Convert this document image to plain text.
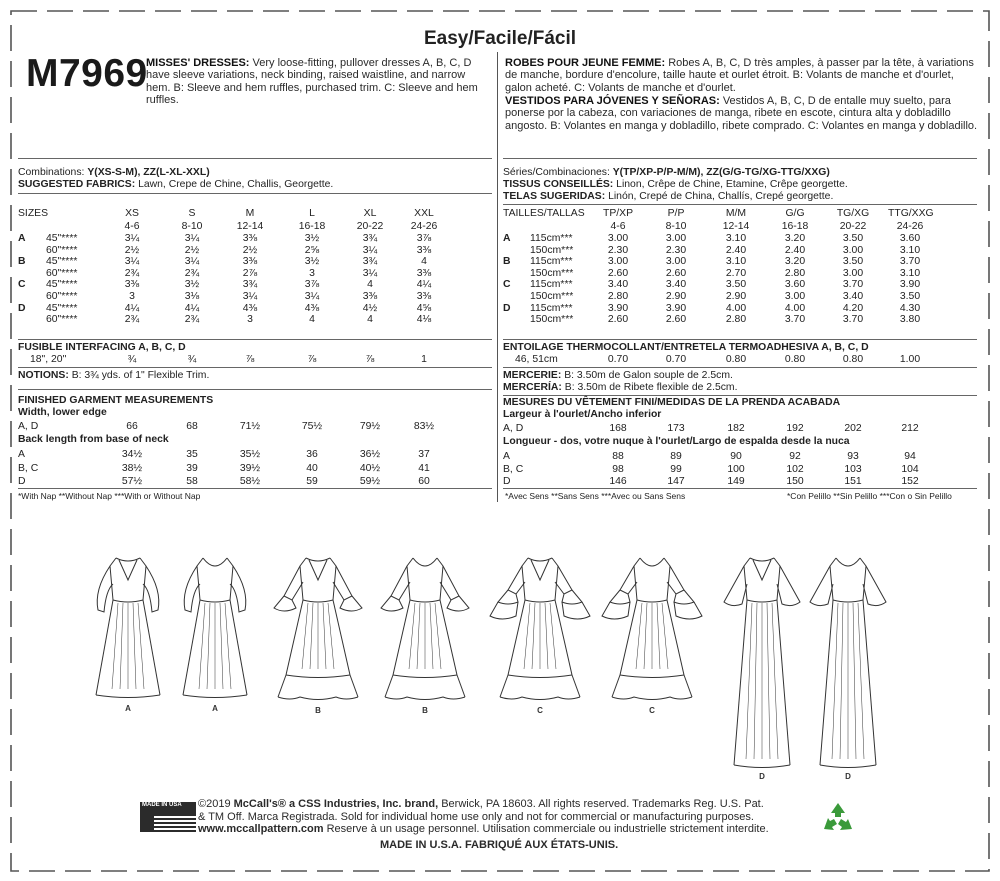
Easy/Facile/Fácil
M7969
MISSES' DRESSES: Very loose-fitting, pullover dresses A, B, C, D have sleeve variations, neck binding, raised waistline, and narrow hem. B: Sleeve and hem ruffles, purchased trim. C: Sleeve and hem ruffles.
ROBES POUR JEUNE FEMME: Robes A, B, C, D très amples, à passer par la tête, à variations de manche, bordure d'encolure, taille haute et ourlet étroit. B: Volants de manche et d'ourlet, galon acheté. C: Volants de manche et d'ourlet.
VESTIDOS PARA JÓVENES Y SEÑORAS: Vestidos A, B, C, D de entalle muy suelto, para ponerse por la cabeza, con variaciones de manga, ribete en escote, cintura alta y dobladillo angosto. B: Volantes en manga y dobladillo, ribete comprado. C: Volantes en manga y dobladillo.
Combinations: Y(XS-S-M), ZZ(L-XL-XXL)
SUGGESTED FABRICS: Lawn, Crepe de Chine, Challis, Georgette.
Séries/Combinaciones: Y(TP/XP-P/P-M/M), ZZ(G/G-TG/XG-TTG/XXG)
TISSUS CONSEILLÉS: Linon, Crêpe de Chine, Etamine, Crêpe georgette.
TELAS SUGERIDAS: Linón, Crepé de China, Challís, Crepé georgette.
SIZES	XS	S	M	L	XL	XXL
4-6	8-10	12-14	16-18	20-22	24-26
A 45"****	3¼	3¼	3⅜	3½	3¾	3⅞
60"****	2½	2½	2½	2⅝	3¼	3⅜
B 45"****	3¼	3¼	3⅜	3½	3¾	4
60"****	2¾	2¾	2⅞	3	3¼	3⅜
C 45"****	3⅜	3½	3¾	3⅞	4	4¼
60"****	3	3⅛	3¼	3¼	3⅜	3⅜
D 45"****	4¼	4¼	4⅜	4⅜	4½	4⅝
60"****	2¾	2¾	3	4	4	4⅛
FUSIBLE INTERFACING A, B, C, D
18", 20"	¾	¾	⅞	⅞	⅞	1
NOTIONS: B: 3¾ yds. of 1" Flexible Trim.
FINISHED GARMENT MEASUREMENTS
Width, lower edge
A, D	66	68	71½	75½	79½	83½
Back length from base of neck
A	34½	35	35½	36	36½	37
B, C	38½	39	39½	40	40½	41
D	57½	58	58½	59	59½	60
*With Nap **Without Nap ***With or Without Nap
TAILLES/TALLAS	TP/XP	P/P	M/M	G/G	TG/XG	TTG/XXG
4-6	8-10	12-14	16-18	20-22	24-26
A 115cm***	3.00	3.00	3.10	3.20	3.50	3.60
150cm***	2.30	2.30	2.40	2.40	3.00	3.10
B 115cm***	3.00	3.00	3.10	3.20	3.50	3.70
150cm***	2.60	2.60	2.70	2.80	3.00	3.10
C 115cm***	3.40	3.40	3.50	3.60	3.70	3.90
150cm***	2.80	2.90	2.90	3.00	3.40	3.50
D 115cm***	3.90	3.90	4.00	4.00	4.20	4.30
150cm***	2.60	2.60	2.80	3.70	3.70	3.80
ENTOILAGE THERMOCOLLANT/ENTRETELA TERMOADHESIVA A, B, C, D
46, 51cm	0.70	0.70	0.80	0.80	0.80	1.00
MERCERIE: B: 3.50m de Galon souple de 2.5cm.
MERCERÍA: B: 3.50m de Ribete flexible de 2.5cm.
MESURES DU VÊTEMENT FINI/MEDIDAS DE LA PRENDA ACABADA
Largeur à l'ourlet/Ancho inferior
A, D	168	173	182	192	202	212
Longueur - dos, votre nuque à l'ourlet/Largo de espalda desde la nuca
A	88	89	90	92	93	94
B, C	98	99	100	102	103	104
D	146	147	149	150	151	152
*Avec Sens **Sans Sens ***Avec ou Sans Sens	*Con Pelillo **Sin Pelillo ***Con o Sin Pelillo
A	A	B	B	C	C
D	D
MADE IN USA	©2019 McCall's® a CSS Industries, Inc. brand, Berwick, PA 18603. All rights reserved. Trademarks Reg. U.S. Pat.
& TM Off. Marca Registrada. Sold for individual home use only and not for commercial or manufacturing purposes.
www.mccallpattern.com Reserve à un usage personnel. Utilisation commerciale ou industrielle strictement interdite.
MADE IN U.S.A. FABRIQUÉ AUX ÉTATS-UNIS.
